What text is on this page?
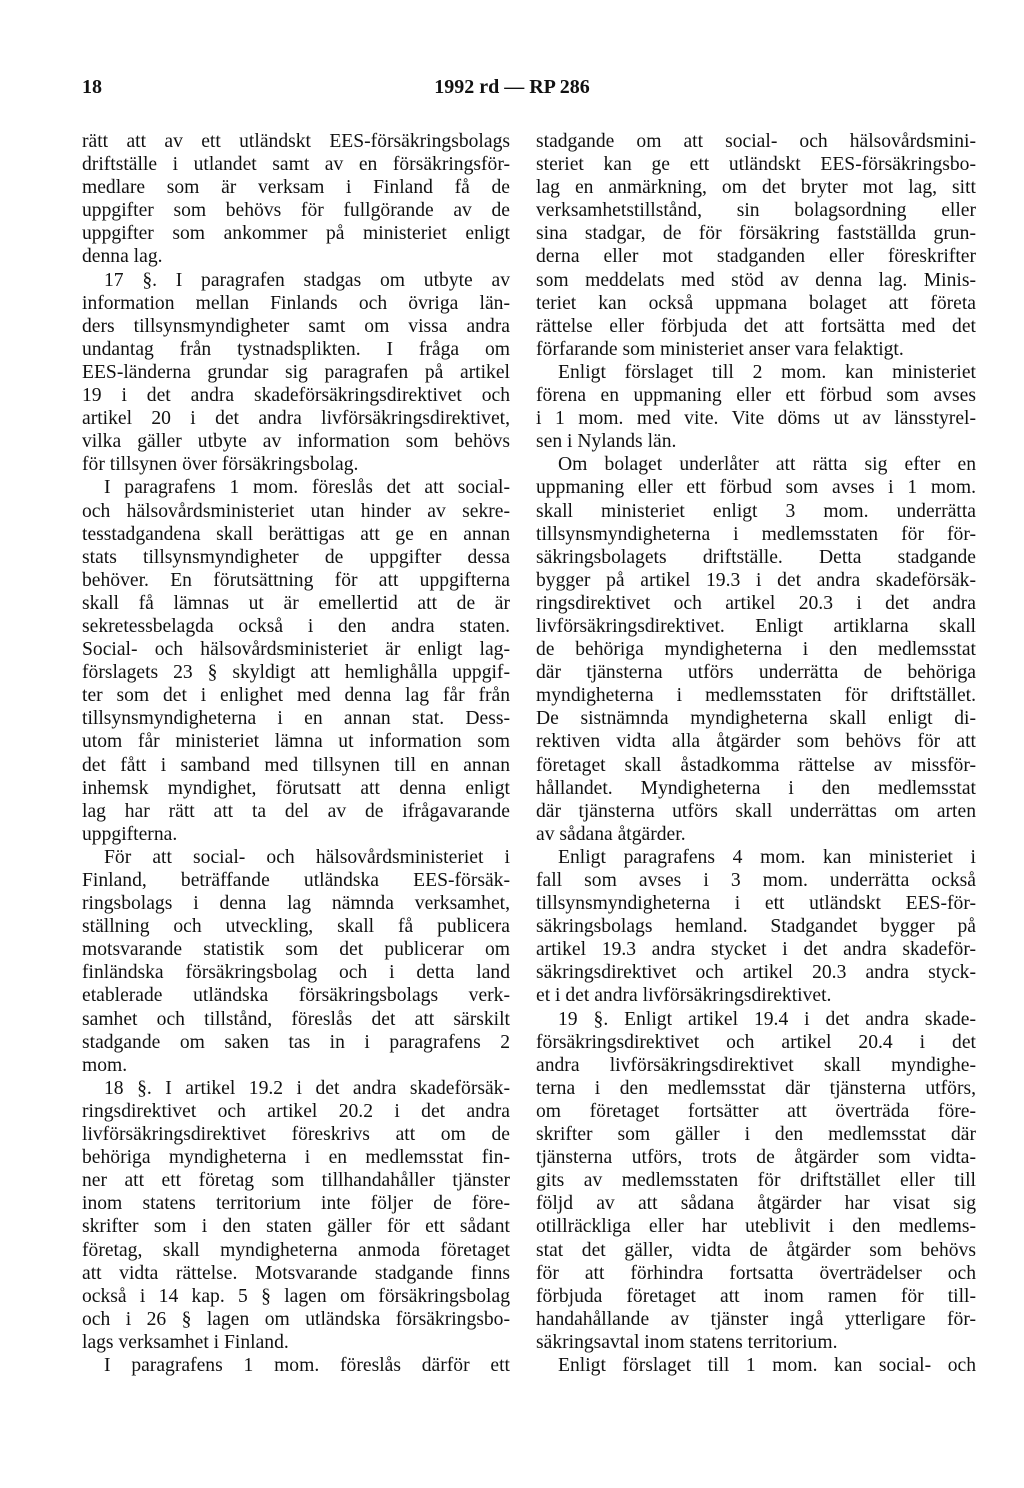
18	1992 rd — RP 286
rätt att av ett utländskt EES-försäkringsbolags
driftställe i utlandet samt av en försäkringsför-
medlare som är verksam i Finland få de
uppgifter som behövs för fullgörande av de
uppgifter som ankommer på ministeriet enligt
denna lag.
17 §. I paragrafen stadgas om utbyte av
information mellan Finlands och övriga län-
ders tillsynsmyndigheter samt om vissa andra
undantag från tystnadsplikten. I fråga om
EES-länderna grundar sig paragrafen på artikel
19 i det andra skadeförsäkringsdirektivet och
artikel 20 i det andra livförsäkringsdirektivet,
vilka gäller utbyte av information som behövs
för tillsynen över försäkringsbolag.
I paragrafens 1 mom. föreslås det att social-
och hälsovårdsministeriet utan hinder av sekre-
tesstadgandena skall berättigas att ge en annan
stats tillsynsmyndigheter de uppgifter dessa
behöver. En förutsättning för att uppgifterna
skall få lämnas ut är emellertid att de är
sekretessbelagda också i den andra staten.
Social- och hälsovårdsministeriet är enligt lag-
förslagets 23 § skyldigt att hemlighålla uppgif-
ter som det i enlighet med denna lag får från
tillsynsmyndigheterna i en annan stat. Dess-
utom får ministeriet lämna ut information som
det fått i samband med tillsynen till en annan
inhemsk myndighet, förutsatt att denna enligt
lag har rätt att ta del av de ifrågavarande
uppgifterna.
För att social- och hälsovårdsministeriet i
Finland, beträffande utländska EES-försäk-
ringsbolags i denna lag nämnda verksamhet,
ställning och utveckling, skall få publicera
motsvarande statistik som det publicerar om
finländska försäkringsbolag och i detta land
etablerade utländska försäkringsbolags verk-
samhet och tillstånd, föreslås det att särskilt
stadgande om saken tas in i paragrafens 2
mom.
18 §. I artikel 19.2 i det andra skadeförsäk-
ringsdirektivet och artikel 20.2 i det andra
livförsäkringsdirektivet föreskrivs att om de
behöriga myndigheterna i en medlemsstat fin-
ner att ett företag som tillhandahåller tjänster
inom statens territorium inte följer de före-
skrifter som i den staten gäller för ett sådant
företag, skall myndigheterna anmoda företaget
att vidta rättelse. Motsvarande stadgande finns
också i 14 kap. 5 § lagen om försäkringsbolag
och i 26 § lagen om utländska försäkringsbo-
lags verksamhet i Finland.
I paragrafens 1 mom. föreslås därför ett
stadgande om att social- och hälsovårdsmini-
steriet kan ge ett utländskt EES-försäkringsbo-
lag en anmärkning, om det bryter mot lag, sitt
verksamhetstillstånd, sin bolagsordning eller
sina stadgar, de för försäkring fastställda grun-
derna eller mot stadganden eller föreskrifter
som meddelats med stöd av denna lag. Minis-
teriet kan också uppmana bolaget att företa
rättelse eller förbjuda det att fortsätta med det
förfarande som ministeriet anser vara felaktigt.
Enligt förslaget till 2 mom. kan ministeriet
förena en uppmaning eller ett förbud som avses
i 1 mom. med vite. Vite döms ut av länsstyrel-
sen i Nylands län.
Om bolaget underlåter att rätta sig efter en
uppmaning eller ett förbud som avses i 1 mom.
skall ministeriet enligt 3 mom. underrätta
tillsynsmyndigheterna i medlemsstaten för för-
säkringsbolagets driftställe. Detta stadgande
bygger på artikel 19.3 i det andra skadeförsäk-
ringsdirektivet och artikel 20.3 i det andra
livförsäkringsdirektivet. Enligt artiklarna skall
de behöriga myndigheterna i den medlemsstat
där tjänsterna utförs underrätta de behöriga
myndigheterna i medlemsstaten för driftstället.
De sistnämnda myndigheterna skall enligt di-
rektiven vidta alla åtgärder som behövs för att
företaget skall åstadkomma rättelse av missför-
hållandet. Myndigheterna i den medlemsstat
där tjänsterna utförs skall underrättas om arten
av sådana åtgärder.
Enligt paragrafens 4 mom. kan ministeriet i
fall som avses i 3 mom. underrätta också
tillsynsmyndigheterna i ett utländskt EES-för-
säkringsbolags hemland. Stadgandet bygger på
artikel 19.3 andra stycket i det andra skadeför-
säkringsdirektivet och artikel 20.3 andra styck-
et i det andra livförsäkringsdirektivet.
19 §. Enligt artikel 19.4 i det andra skade-
försäkringsdirektivet och artikel 20.4 i det
andra livförsäkringsdirektivet skall myndighe-
terna i den medlemsstat där tjänsterna utförs,
om företaget fortsätter att överträda före-
skrifter som gäller i den medlemsstat där
tjänsterna utförs, trots de åtgärder som vidta-
gits av medlemsstaten för driftstället eller till
följd av att sådana åtgärder har visat sig
otillräckliga eller har uteblivit i den medlems-
stat det gäller, vidta de åtgärder som behövs
för att förhindra fortsatta överträdelser och
förbjuda företaget att inom ramen för till-
handahållande av tjänster ingå ytterligare för-
säkringsavtal inom statens territorium.
Enligt förslaget till 1 mom. kan social- och
